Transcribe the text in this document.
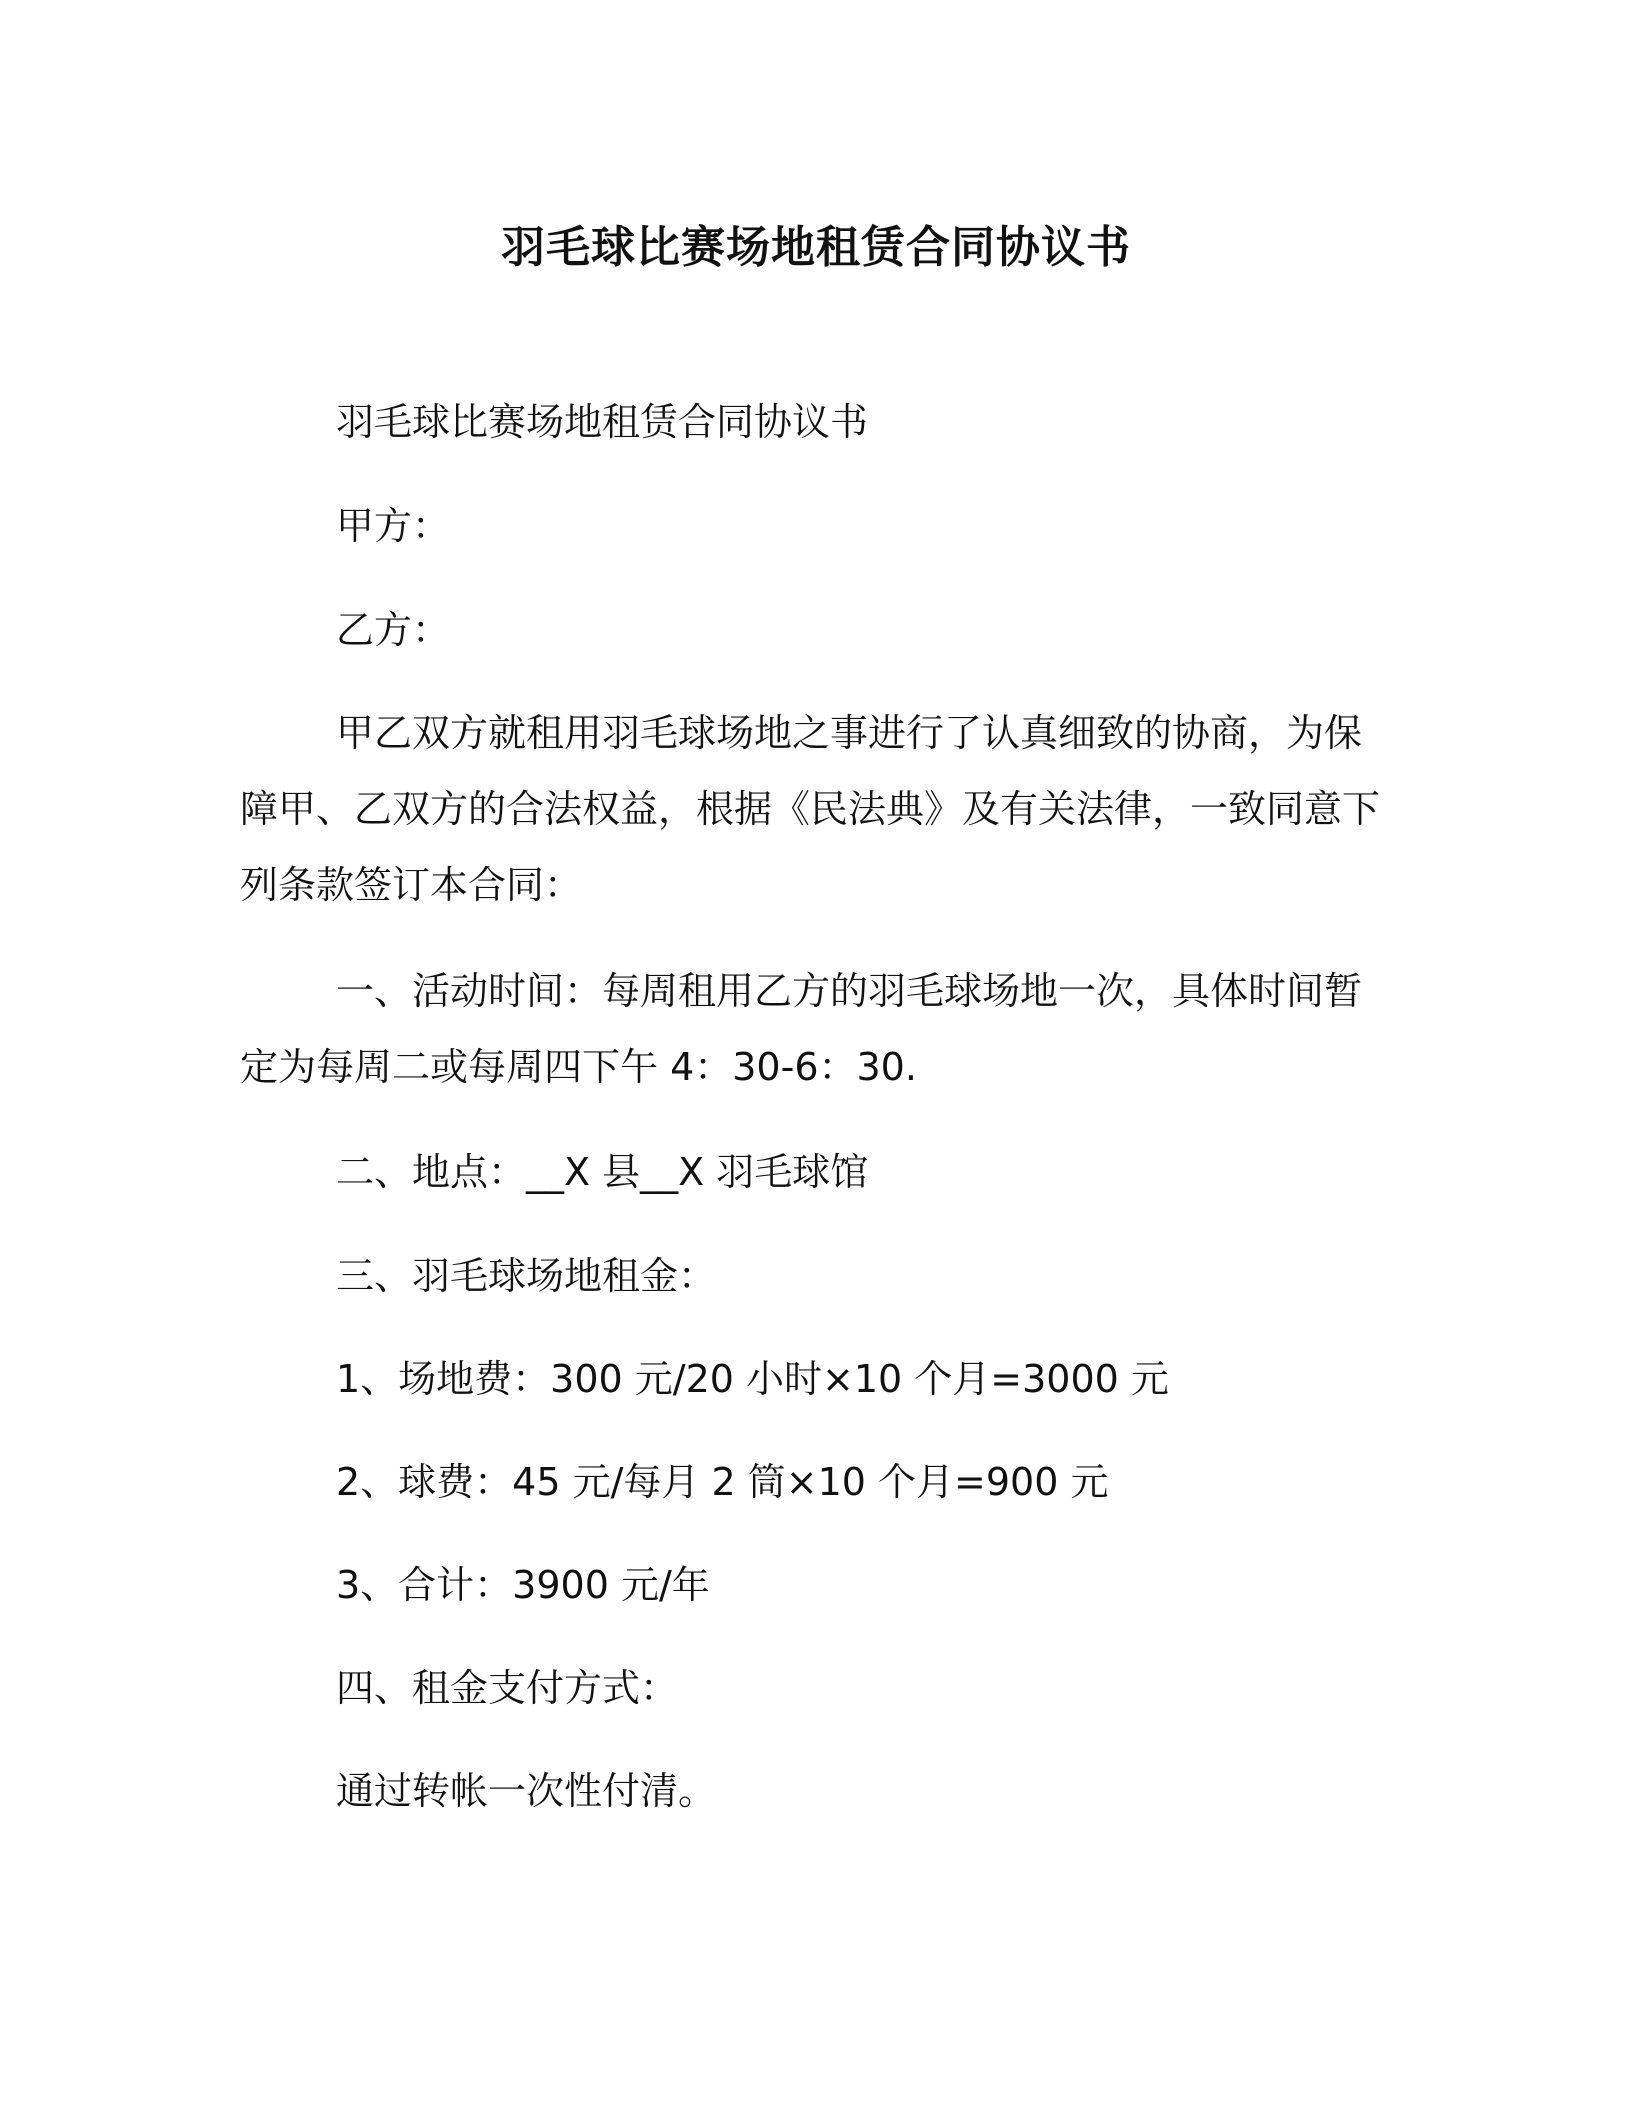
羽毛球比赛场地租赁合同协议书
羽毛球比赛场地租赁合同协议书
甲方：
乙方：
甲乙双方就租用羽毛球场地之事进行了认真细致的协商，为保障甲、乙双方的合法权益，根据《民法典》及有关法律，一致同意下列条款签订本合同：
一、活动时间：每周租用乙方的羽毛球场地一次，具体时间暂定为每周二或每周四下午 4：30-6：30.
二、地点：__X 县__X 羽毛球馆
三、羽毛球场地租金：
1、场地费：300 元/20 小时×10 个月=3000 元
2、球费：45 元/每月 2 筒×10 个月=900 元
3、合计：3900 元/年
四、租金支付方式：
通过转帐一次性付清。
